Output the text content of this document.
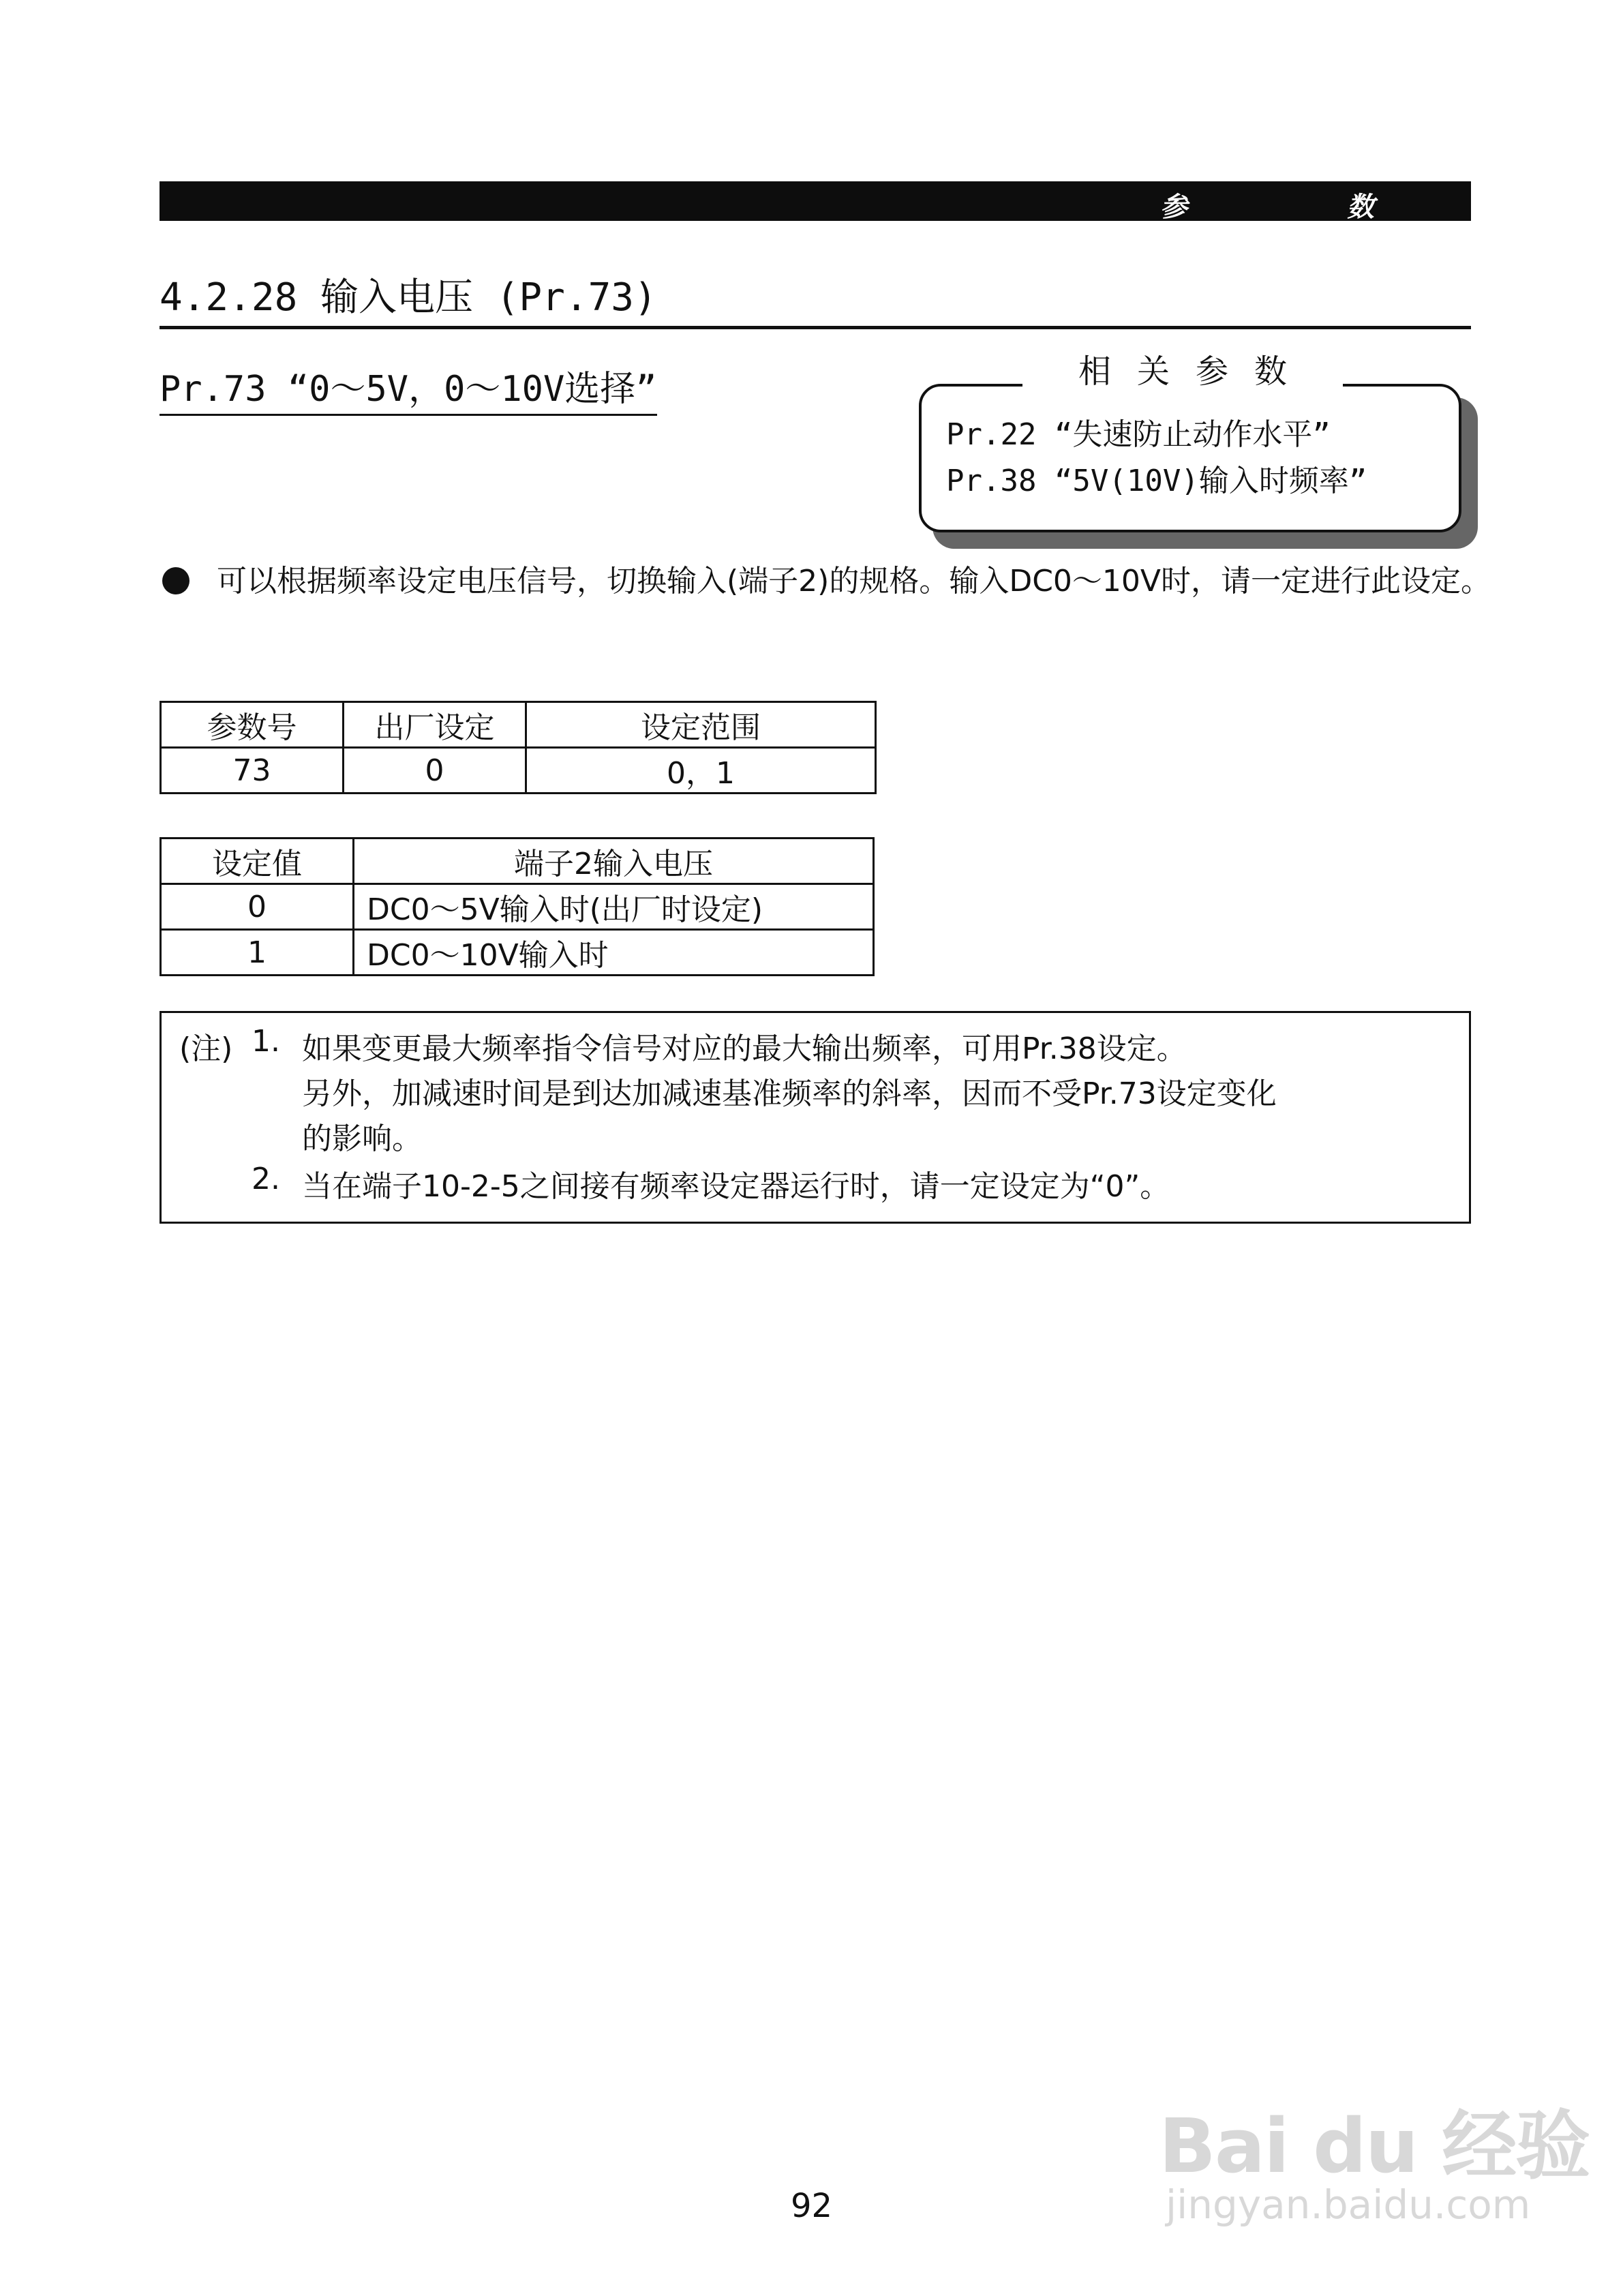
参	数
4.2.28 输入电压 (Pr.73)
Pr.73 “0～5V，0～10V选择”	相关参数
Pr.22 “失速防止动作水平”
Pr.38 “5V(10V)输入时频率”
可以根据频率设定电压信号，切换输入(端子2)的规格。输入DC0～10V时，请一定进行此设定。
参数号	出厂设定	设定范围
73	0	0，1
设定值	端子2输入电压
0	DC0～5V输入时(出厂时设定)
1	DC0～10V输入时
(注) 1. 如果变更最大频率指令信号对应的最大输出频率，可用Pr.38设定。
另外，加减速时间是到达加减速基准频率的斜率，因而不受Pr.73设定变化
的影响。
2. 当在端子10-2-5之间接有频率设定器运行时，请一定设定为“0”。
92
Bai du 经验
jingyan.baidu.com
